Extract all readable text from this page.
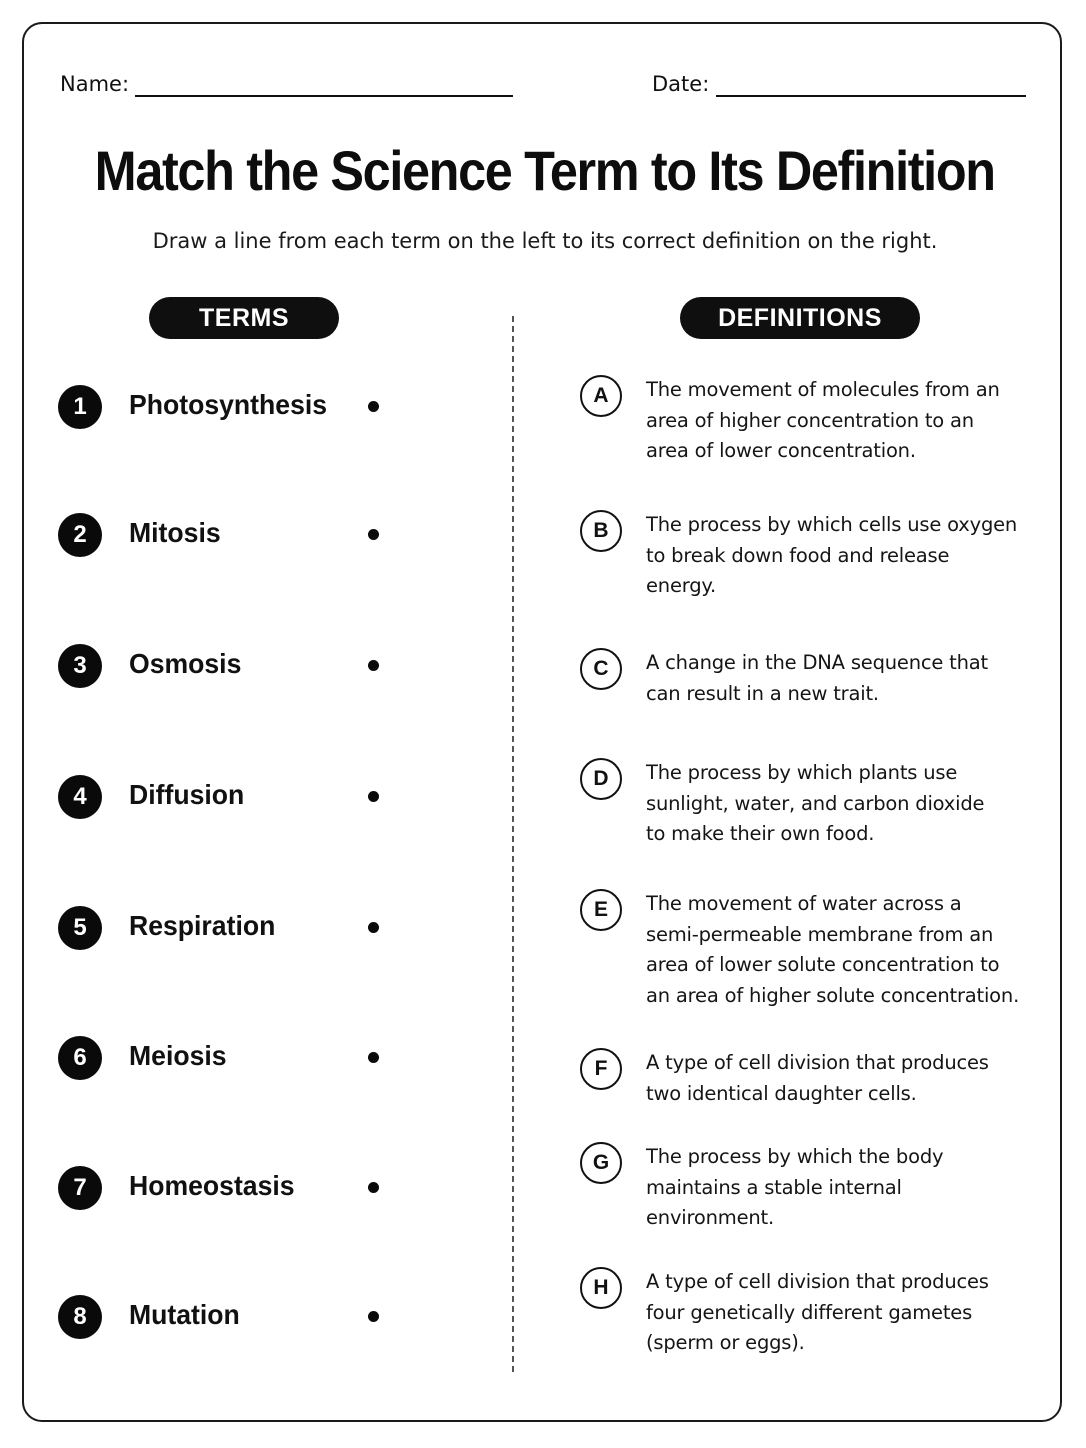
Name:	Date:
Match the Science Term to Its Definition
Draw a line from each term on the left to its correct definition on the right.
TERMS	DEFINITIONS
1	Photosynthesis
2	Mitosis
3	Osmosis
4	Diffusion
5	Respiration
6	Meiosis
7	Homeostasis
8	Mutation
A	The movement of molecules from an
area of higher concentration to an
area of lower concentration.
B	The process by which cells use oxygen
to break down food and release
energy.
C	A change in the DNA sequence that
can result in a new trait.
D	The process by which plants use
sunlight, water, and carbon dioxide
to make their own food.
E	The movement of water across a
semi-permeable membrane from an
area of lower solute concentration to
an area of higher solute concentration.
F	A type of cell division that produces
two identical daughter cells.
G	The process by which the body
maintains a stable internal
environment.
H	A type of cell division that produces
four genetically different gametes
(sperm or eggs).
